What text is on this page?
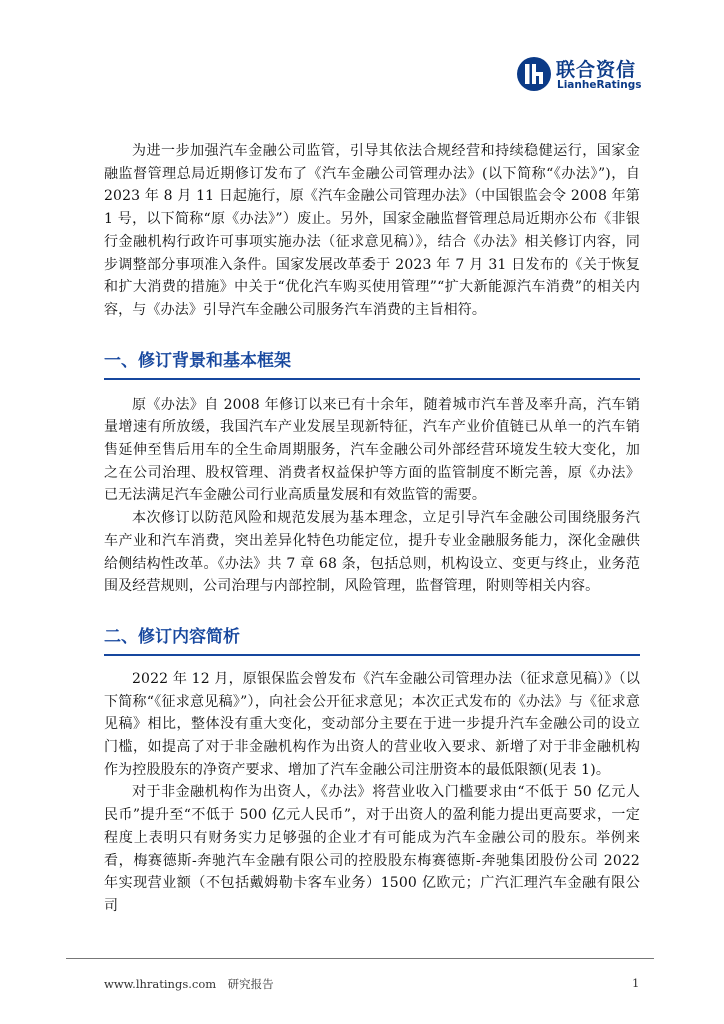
联合资信
LianheRatings

为进一步加强汽车金融公司监管，引导其依法合规经营和持续稳健运行，国家金融监督管理总局近期修订发布了《汽车金融公司管理办法》(以下简称“《办法》”)，自 2023 年 8 月 11 日起施行，原《汽车金融公司管理办法》（中国银监会令 2008 年第 1 号，以下简称“原《办法》”）废止。另外，国家金融监督管理总局近期亦公布《非银行金融机构行政许可事项实施办法（征求意见稿）》，结合《办法》相关修订内容，同步调整部分事项准入条件。国家发展改革委于 2023 年 7 月 31 日发布的《关于恢复和扩大消费的措施》中关于“优化汽车购买使用管理”“扩大新能源汽车消费”的相关内容，与《办法》引导汽车金融公司服务汽车消费的主旨相符。

一、修订背景和基本框架

原《办法》自 2008 年修订以来已有十余年，随着城市汽车普及率升高，汽车销量增速有所放缓，我国汽车产业发展呈现新特征，汽车产业价值链已从单一的汽车销售延伸至售后用车的全生命周期服务，汽车金融公司外部经营环境发生较大变化，加之在公司治理、股权管理、消费者权益保护等方面的监管制度不断完善，原《办法》已无法满足汽车金融公司行业高质量发展和有效监管的需要。

本次修订以防范风险和规范发展为基本理念，立足引导汽车金融公司围绕服务汽车产业和汽车消费，突出差异化特色功能定位，提升专业金融服务能力，深化金融供给侧结构性改革。《办法》共 7 章 68 条，包括总则，机构设立、变更与终止，业务范围及经营规则，公司治理与内部控制，风险管理，监督管理，附则等相关内容。

二、修订内容简析

2022 年 12 月，原银保监会曾发布《汽车金融公司管理办法（征求意见稿）》（以下简称“《征求意见稿》”），向社会公开征求意见；本次正式发布的《办法》与《征求意见稿》相比，整体没有重大变化，变动部分主要在于进一步提升汽车金融公司的设立门槛，如提高了对于非金融机构作为出资人的营业收入要求、新增了对于非金融机构作为控股股东的净资产要求、增加了汽车金融公司注册资本的最低限额(见表 1)。

对于非金融机构作为出资人，《办法》将营业收入门槛要求由“不低于 50 亿元人民币”提升至“不低于 500 亿元人民币”，对于出资人的盈利能力提出更高要求，一定程度上表明只有财务实力足够强的企业才有可能成为汽车金融公司的股东。举例来看，梅赛德斯-奔驰汽车金融有限公司的控股股东梅赛德斯-奔驰集团股份公司 2022 年实现营业额（不包括戴姆勒卡客车业务）1500 亿欧元；广汽汇理汽车金融有限公司

www.lhratings.com　研究报告	1
